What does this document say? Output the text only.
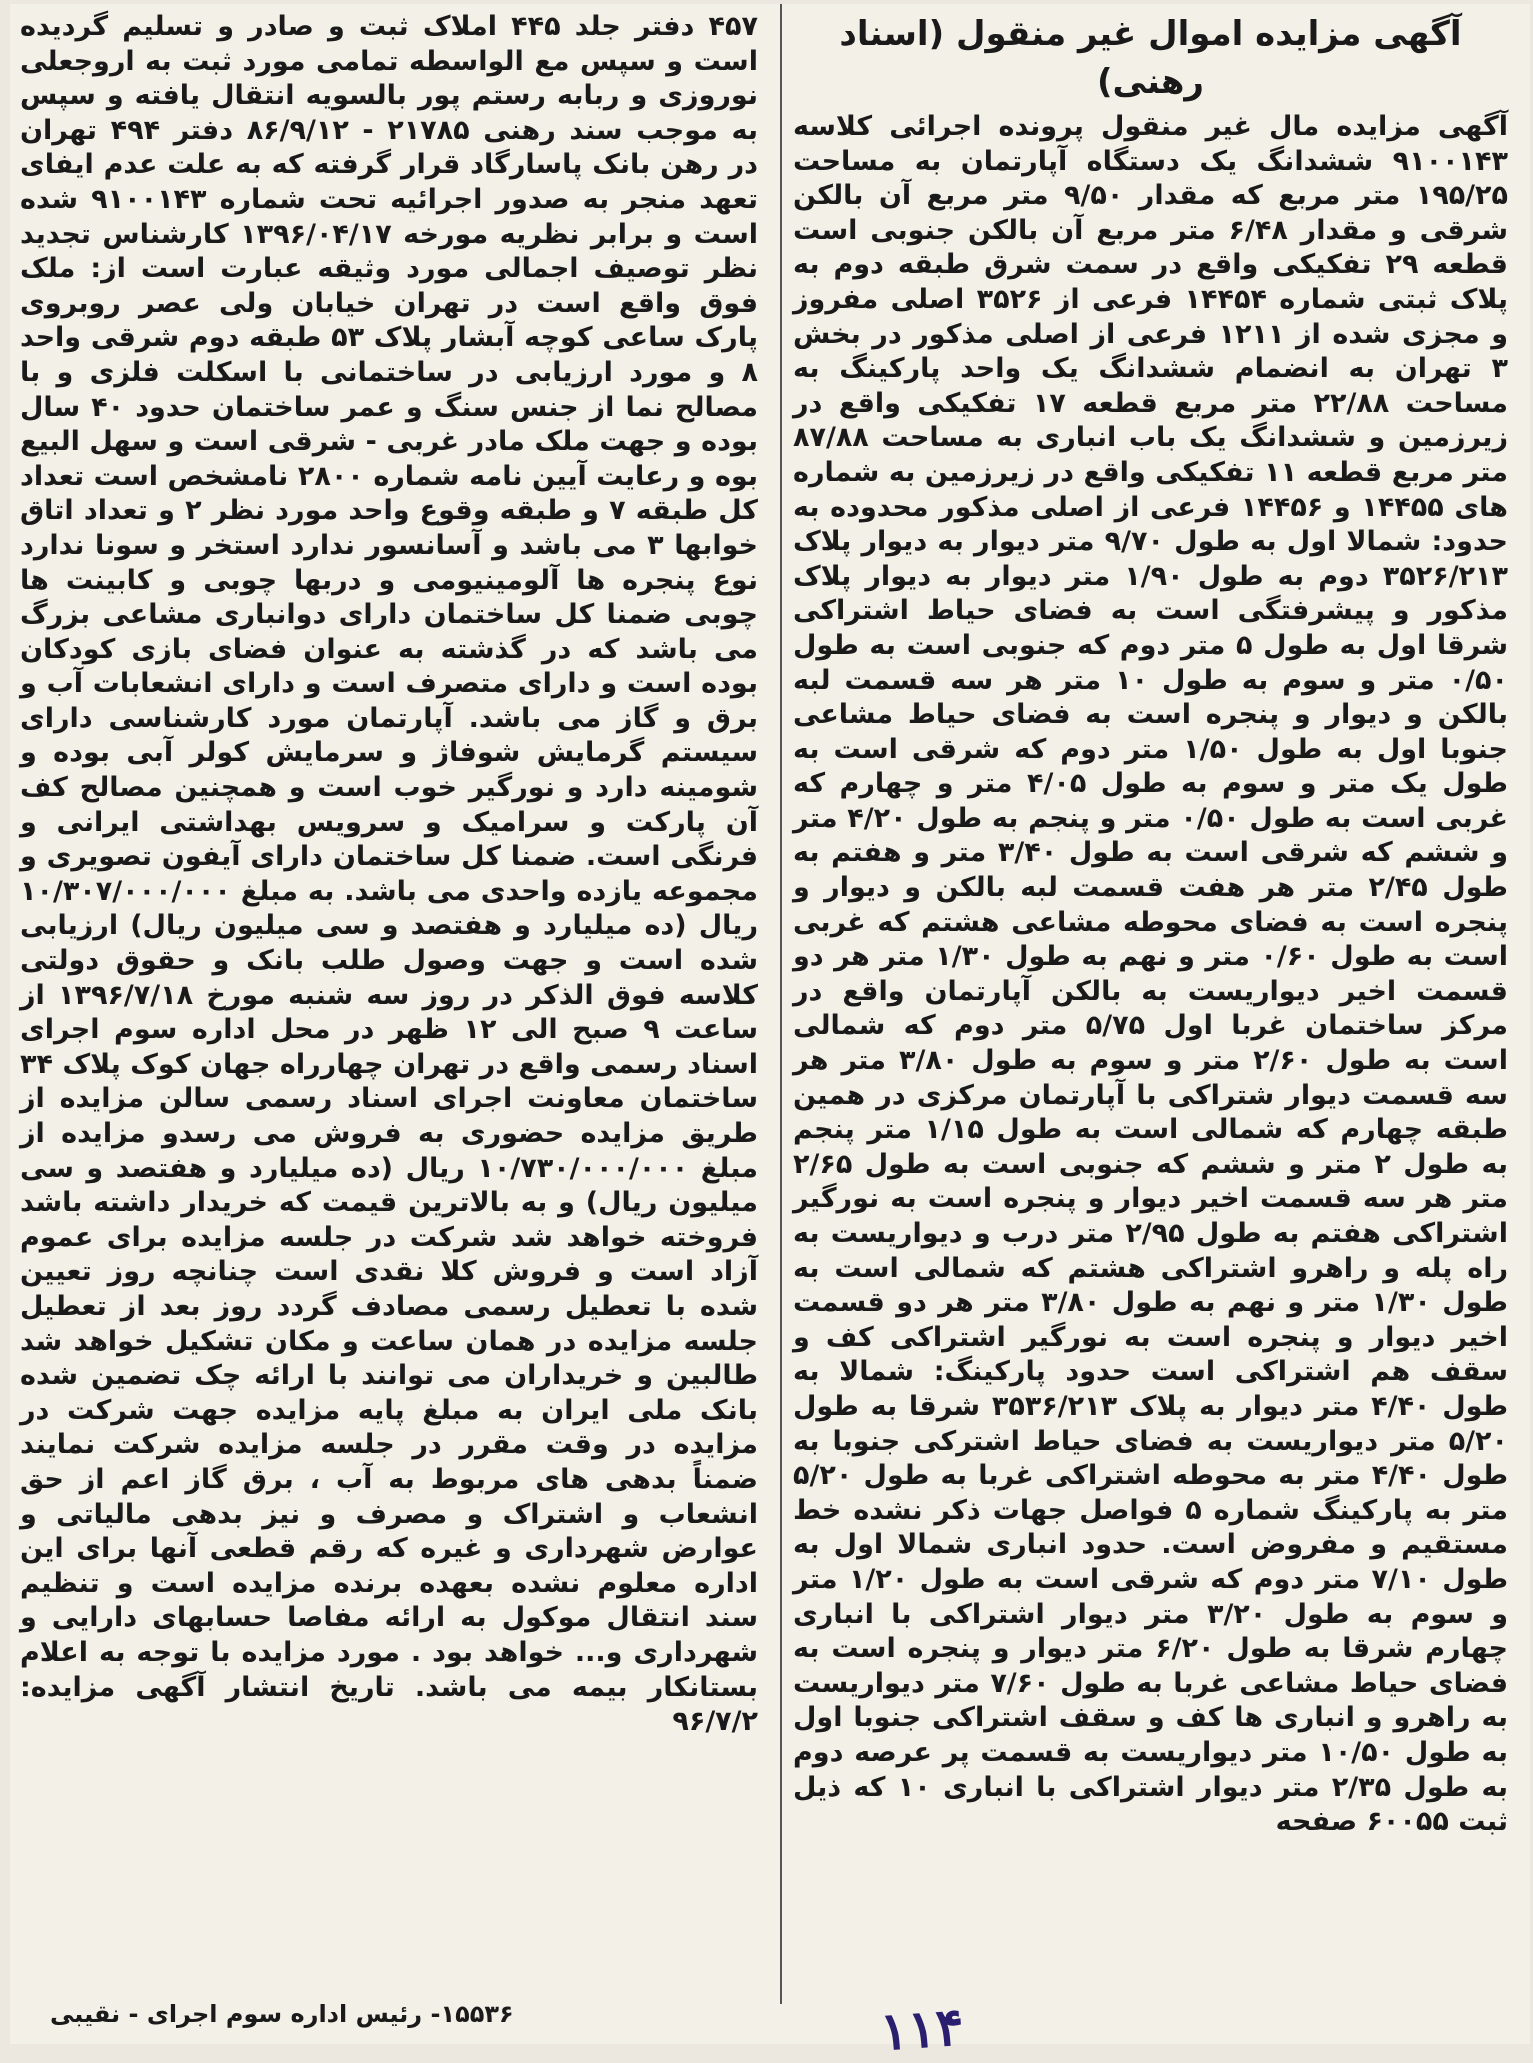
آگهی مزایده اموال غیر منقول (اسناد رهنی)

آگهی مزایده مال غیر منقول پرونده اجرائی کلاسه ۹۱۰۰۱۴۳ ششدانگ یک دستگاه آپارتمان به مساحت ۱۹۵/۲۵ متر مربع که مقدار ۹/۵۰ متر مربع آن بالکن شرقی و مقدار ۶/۴۸ متر مربع آن بالکن جنوبی است قطعه ۲۹ تفکیکی واقع در سمت شرق طبقه دوم به پلاک ثبتی شماره ۱۴۴۵۴ فرعی از ۳۵۲۶ اصلی مفروز و مجزی شده از ۱۲۱۱ فرعی از اصلی مذکور در بخش ۳ تهران به انضمام ششدانگ یک واحد پارکینگ به مساحت ۲۲/۸۸ متر مربع قطعه ۱۷ تفکیکی واقع در زیرزمین و ششدانگ یک باب انباری به مساحت ۸۷/۸۸ متر مربع قطعه ۱۱ تفکیکی واقع در زیرزمین به شماره های ۱۴۴۵۵ و ۱۴۴۵۶ فرعی از اصلی مذکور محدوده به حدود: شمالا اول به طول ۹/۷۰ متر دیوار به دیوار پلاک ۳۵۲۶/۲۱۳ دوم به طول ۱/۹۰ متر دیوار به دیوار پلاک مذکور و پیشرفتگی است به فضای حیاط اشتراکی شرقا اول به طول ۵ متر دوم که جنوبی است به طول ۰/۵۰ متر و سوم به طول ۱۰ متر هر سه قسمت لبه بالکن و دیوار و پنجره است به فضای حیاط مشاعی جنوبا اول به طول ۱/۵۰ متر دوم که شرقی است به طول یک متر و سوم به طول ۴/۰۵ متر و چهارم که غربی است به طول ۰/۵۰ متر و پنجم به طول ۴/۲۰ متر و ششم که شرقی است به طول ۳/۴۰ متر و هفتم به طول ۲/۴۵ متر هر هفت قسمت لبه بالکن و دیوار و پنجره است به فضای محوطه مشاعی هشتم که غربی است به طول ۰/۶۰ متر و نهم به طول ۱/۳۰ متر هر دو قسمت اخیر دیواریست به بالکن آپارتمان واقع در مرکز ساختمان غربا اول ۵/۷۵ متر دوم که شمالی است به طول ۲/۶۰ متر و سوم به طول ۳/۸۰ متر هر سه قسمت دیوار شتراکی با آپارتمان مرکزی در همین طبقه چهارم که شمالی است به طول ۱/۱۵ متر پنجم به طول ۲ متر و ششم که جنوبی است به طول ۲/۶۵ متر هر سه قسمت اخیر دیوار و پنجره است به نورگیر اشتراکی هفتم به طول ۲/۹۵ متر درب و دیواریست به راه پله و راهرو اشتراکی هشتم که شمالی است به طول ۱/۳۰ متر و نهم به طول ۳/۸۰ متر هر دو قسمت اخیر دیوار و پنجره است به نورگیر اشتراکی کف و سقف هم اشتراکی است حدود پارکینگ: شمالا به طول ۴/۴۰ متر دیوار به پلاک ۳۵۳۶/۲۱۳ شرقا به طول ۵/۲۰ متر دیواریست به فضای حیاط اشترکی جنوبا به طول ۴/۴۰ متر به محوطه اشتراکی غربا به طول ۵/۲۰ متر به پارکینگ شماره ۵ فواصل جهات ذکر نشده خط مستقیم و مفروض است. حدود انباری شمالا اول به طول ۷/۱۰ متر دوم که شرقی است به طول ۱/۲۰ متر و سوم به طول ۳/۲۰ متر دیوار اشتراکی با انباری چهارم شرقا به طول ۶/۲۰ متر دیوار و پنجره است به فضای حیاط مشاعی غربا به طول ۷/۶۰ متر دیواریست به راهرو و انباری ها کف و سقف اشتراکی جنوبا اول به طول ۱۰/۵۰ متر دیواریست به قسمت پر عرصه دوم به طول ۲/۳۵ متر دیوار اشتراکی با انباری ۱۰ که ذیل ثبت ۶۰۰۵۵ صفحه

۴۵۷ دفتر جلد ۴۴۵ املاک ثبت و صادر و تسلیم گردیده است و سپس مع الواسطه تمامی مورد ثبت به اروجعلی نوروزی و ربابه رستم پور بالسویه انتقال یافته و سپس به موجب سند رهنی ۲۱۷۸۵ - ۸۶/۹/۱۲ دفتر ۴۹۴ تهران در رهن بانک پاسارگاد قرار گرفته که به علت عدم ایفای تعهد منجر به صدور اجرائیه تحت شماره ۹۱۰۰۱۴۳ شده است و برابر نظریه مورخه ۱۳۹۶/۰۴/۱۷ کارشناس تجدید نظر توصیف اجمالی مورد وثیقه عبارت است از: ملک فوق واقع است در تهران خیابان ولی عصر روبروی پارک ساعی کوچه آبشار پلاک ۵۳ طبقه دوم شرقی واحد ۸ و مورد ارزیابی در ساختمانی با اسکلت فلزی و با مصالح نما از جنس سنگ و عمر ساختمان حدود ۴۰ سال بوده و جهت ملک مادر غربی - شرقی است و سهل البیع بوه و رعایت آیین نامه شماره ۲۸۰۰ نامشخص است تعداد کل طبقه ۷ و طبقه وقوع واحد مورد نظر ۲ و تعداد اتاق خوابها ۳ می باشد و آسانسور ندارد استخر و سونا ندارد نوع پنجره ها آلومینیومی و دربها چوبی و کابینت ها چوبی ضمنا کل ساختمان دارای دوانباری مشاعی بزرگ می باشد که در گذشته به عنوان فضای بازی کودکان بوده است و دارای متصرف است و دارای انشعابات آب و برق و گاز می باشد. آپارتمان مورد کارشناسی دارای سیستم گرمایش شوفاژ و سرمایش کولر آبی بوده و شومینه دارد و نورگیر خوب است و همچنین مصالح کف آن پارکت و سرامیک و سرویس بهداشتی ایرانی و فرنگی است. ضمنا کل ساختمان دارای آیفون تصویری و مجموعه یازده واحدی می باشد. به مبلغ ۱۰/۳۰۷/۰۰۰/۰۰۰ ریال (ده میلیارد و هفتصد و سی میلیون ریال) ارزیابی شده است و جهت وصول طلب بانک و حقوق دولتی کلاسه فوق الذکر در روز سه شنبه مورخ ۱۳۹۶/۷/۱۸ از ساعت ۹ صبح الی ۱۲ ظهر در محل اداره سوم اجرای اسناد رسمی واقع در تهران چهارراه جهان کوک پلاک ۳۴ ساختمان معاونت اجرای اسناد رسمی سالن مزایده از طریق مزایده حضوری به فروش می رسدو مزایده از مبلغ ۱۰/۷۳۰/۰۰۰/۰۰۰ ریال (ده میلیارد و هفتصد و سی میلیون ریال) و به بالاترین قیمت که خریدار داشته باشد فروخته خواهد شد شرکت در جلسه مزایده برای عموم آزاد است و فروش کلا نقدی است چنانچه روز تعیین شده با تعطیل رسمی مصادف گردد روز بعد از تعطیل جلسه مزایده در همان ساعت و مکان تشکیل خواهد شد طالبین و خریداران می توانند با ارائه چک تضمین شده بانک ملی ایران به مبلغ پایه مزایده جهت شرکت در مزایده در وقت مقرر در جلسه مزایده شرکت نمایند ضمناً بدهی های مربوط به آب ، برق گاز اعم از حق انشعاب و اشتراک و مصرف و نیز بدهی مالیاتی و عوارض شهرداری و غیره که رقم قطعی آنها برای این اداره معلوم نشده بعهده برنده مزایده است و تنظیم سند انتقال موکول به ارائه مفاصا حسابهای دارایی و شهرداری و... خواهد بود . مورد مزایده با توجه به اعلام بستانکار بیمه می باشد. تاریخ انتشار آگهی مزایده: ۹۶/۷/۲

۱۵۵۳۶- رئیس اداره سوم اجرای - نقیبی	۱۱۴
